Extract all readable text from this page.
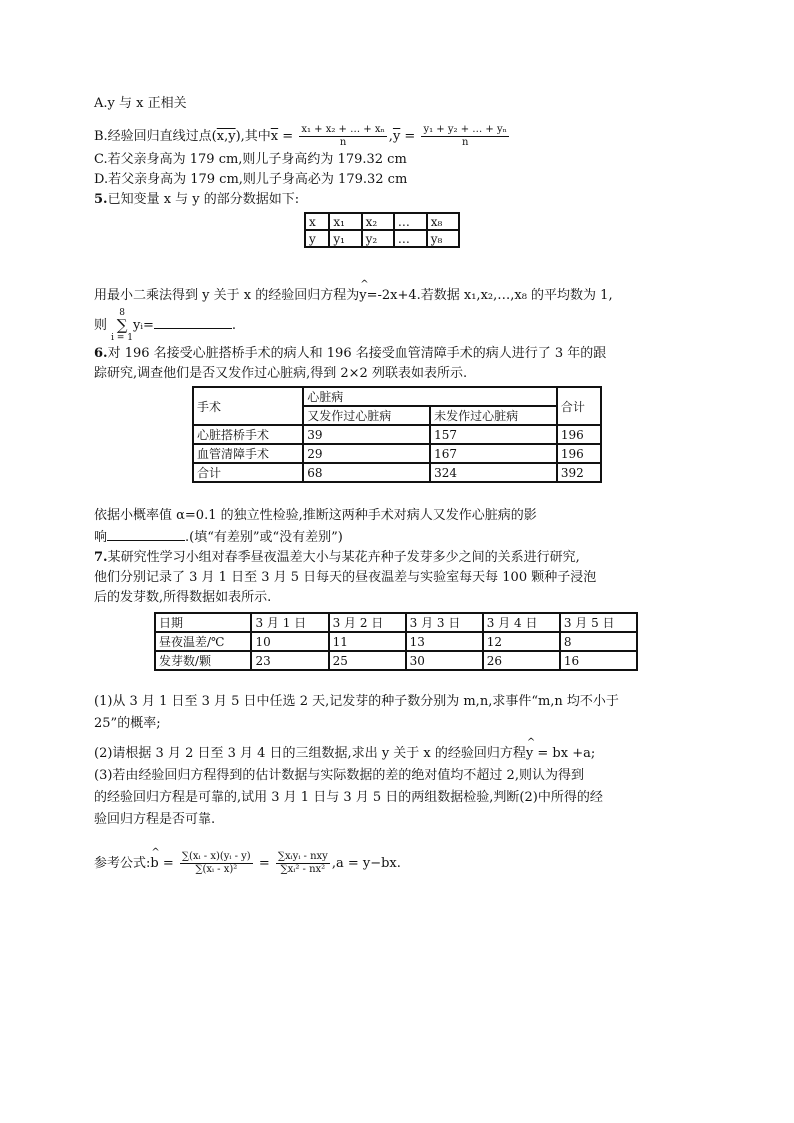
A.y 与 x 正相关
B.经验回归直线过点(x,y),其中$\overline{x} = \frac{\text{x₁ + x₂ + … + xₙ}}{n} ,\overline{y} = \frac{\text{y₁ + y₂ + … + yₙ}}{n}$
C.若父亲身高为 179 cm,则儿子身高约为 179.32 cm
D.若父亲身高为 179 cm,则儿子身高必为 179.32 cm
5.已知变量 x 与 y 的部分数据如下:
x	x₁	x₂	…	x₈
y	y₁	y₂	…	y₈
用最小二乘法得到 y 关于 x 的经验回归方程为^ y=-2x+4.若数据 x₁,x₂,…,x₈ 的平均数为 1,
则 8
∑
i = 1yᵢ=	.
6.对 196 名接受心脏搭桥手术的病人和 196 名接受血管清障手术的病人进行了 3 年的跟
踪研究,调查他们是否又发作过心脏病,得到 2×2 列联表如表所示.
手术	心脏病		合计
	又发作过心脏病	未发作过心脏病	
心脏搭桥手术	39	157	196
血管清障手术	29	167	196
合计	68	324	392
依据小概率值 α=0.1 的独立性检验,推断这两种手术对病人又发作心脏病的影
响	.(填“有差别”或“没有差别”)
7.某研究性学习小组对春季昼夜温差大小与某花卉种子发芽多少之间的关系进行研究,
他们分别记录了 3 月 1 日至 3 月 5 日每天的昼夜温差与实验室每天每 100 颗种子浸泡
后的发芽数,所得数据如表所示.
日期	3 月 1 日	3 月 2 日	3 月 3 日	3 月 4 日	3 月 5 日
昼夜温差/℃	10	11	13	12	8
发芽数/颗	23	25	30	26	16
(1)从 3 月 1 日至 3 月 5 日中任选 2 天,记发芽的种子数分别为 m,n,求事件“m,n 均不小于
25”的概率;
(2)请根据 3 月 2 日至 3 月 4 日的三组数据,求出 y 关于 x 的经验回归方程^ y = bx +a;
(3)若由经验回归方程得到的估计数据与实际数据的差的绝对值均不超过 2,则认为得到
的经验回归方程是可靠的,试用 3 月 1 日与 3 月 5 日的两组数据检验,判断(2)中所得的经
验回归方程是否可靠.
参考公式:^ $b = \frac{\text{∑(xᵢ - x)(yᵢ - y)}}{\text{∑(xᵢ - x)²}} = \frac{\text{∑xᵢyᵢ - nxy}}{\text{∑xᵢ² - nx²}} ,a = y-bx$.
